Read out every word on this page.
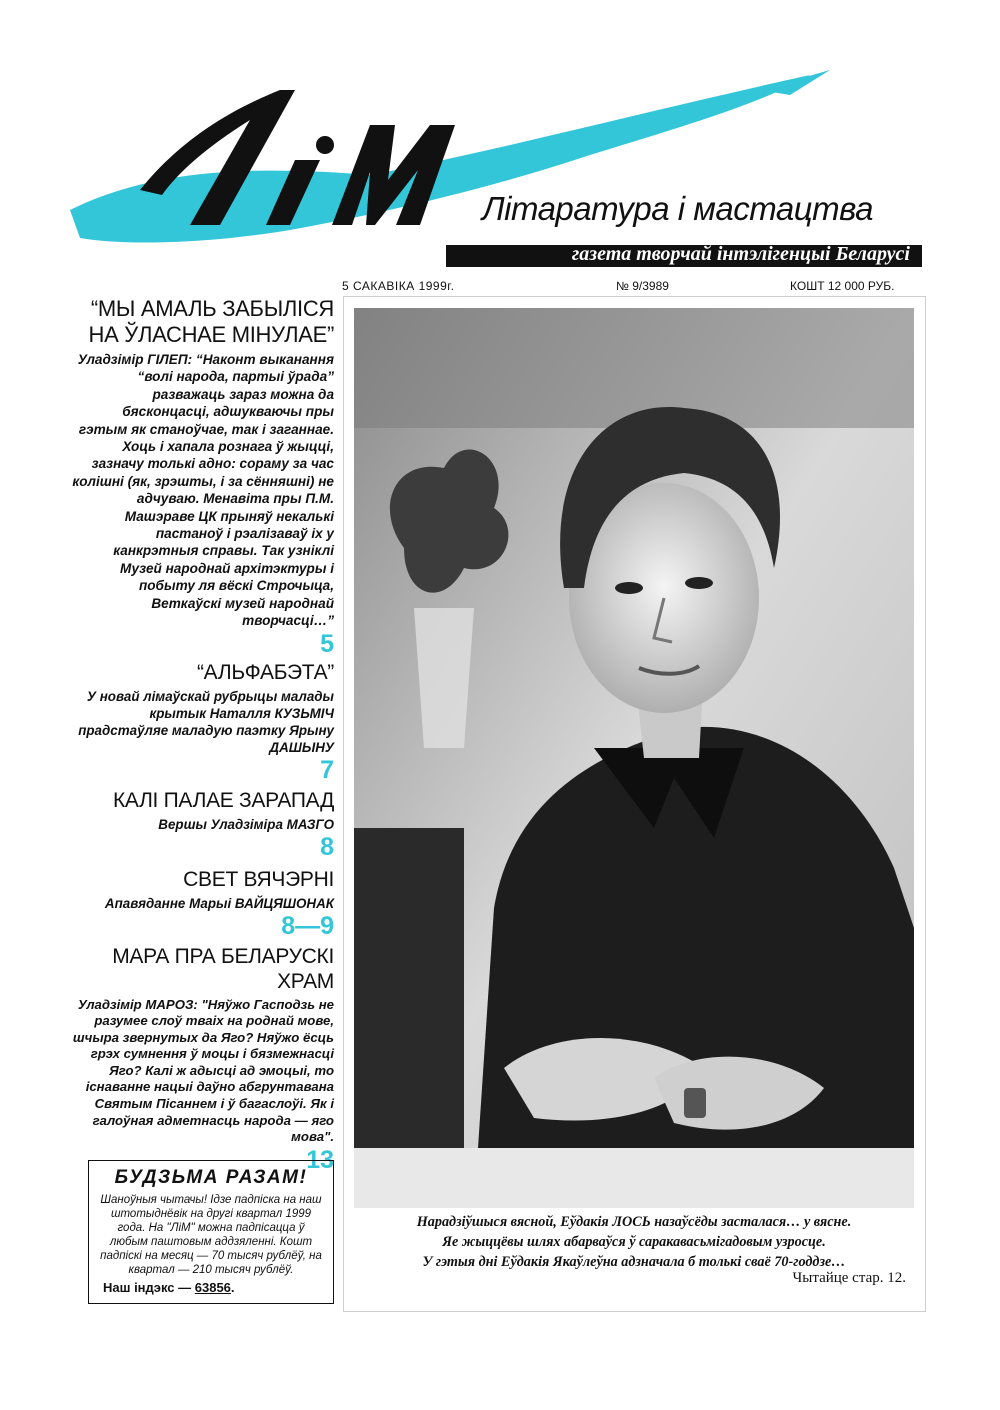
Літаратура і мастацтва
газета творчай інтэлігенцыі Беларусі
5 САКАВІКА 1999г.	№ 9/3989	КОШТ 12 000 РУБ.

“МЫ АМАЛЬ ЗАБЫЛІСЯ НА ЎЛАСНАЕ МІНУЛАЕ”

Уладзімір ГІЛЕП: “Наконт выканання “волі народа, партыі ўрада” разважаць зараз можна да бясконцасці, адшукваючы пры гэтым як станоўчае, так і заганнае. Хоць і хапала рознага ў жыцці, зазначу толькі адно: сораму за час колішні (як, зрэшты, і за сённяшні) не адчуваю. Менавіта пры П.М. Машэраве ЦК прыняў некалькі пастаноў і рэалізаваў іх у канкрэтныя справы. Так узніклі Музей народнай архітэктуры і побыту ля вёскі Строчыца, Веткаўскі музей народнай творчасці…”

5

“АЛЬФАБЭТА”

У новай лімаўскай рубрыцы малады крытык Наталля КУЗЬМІЧ прадстаўляе маладую паэтку Ярыну ДАШЫНУ

7

КАЛІ ПАЛАЕ ЗАРАПАД

Вершы Уладзіміра МАЗГО

8

СВЕТ ВЯЧЭРНІ

Апавяданне Марыі ВАЙЦЯШОНАК

8—9

МАРА ПРА БЕЛАРУСКІ ХРАМ

Уладзімір МАРОЗ: "Няўжо Гасподзь не разумее слоў тваіх на роднай мове, шчыра звернутых да Яго? Няўжо ёсць грэх сумнення ў моцы і бязмежнасці Яго? Калі ж адысці ад эмоцыі, то існаванне нацыі даўно абгрунтавана Святым Пісаннем і ў багаслоўі. Як і галоўная адметнасць народа — яго мова".

13

БУДЗЬМА РАЗАМ!

Шаноўныя чытачы! Ідзе падпіска на наш штотыднёвік на другі квартал 1999 года. На "ЛіМ" можна падпісацца ў любым паштовым аддзяленні. Кошт падпіскі на месяц — 70 тысяч рублёў, на квартал — 210 тысяч рублёў.

Наш індэкс — 63856.

Нарадзіўшыся вясной, Еўдакія ЛОСЬ назаўсёды засталася… у вясне.
Яе жыццёвы шлях абарваўся ў саракавасьмігадовым узросце.
У гэтыя дні Еўдакія Якаўлеўна адзначала б толькі сваё 70-годдзе…
Чытайце стар. 12.
